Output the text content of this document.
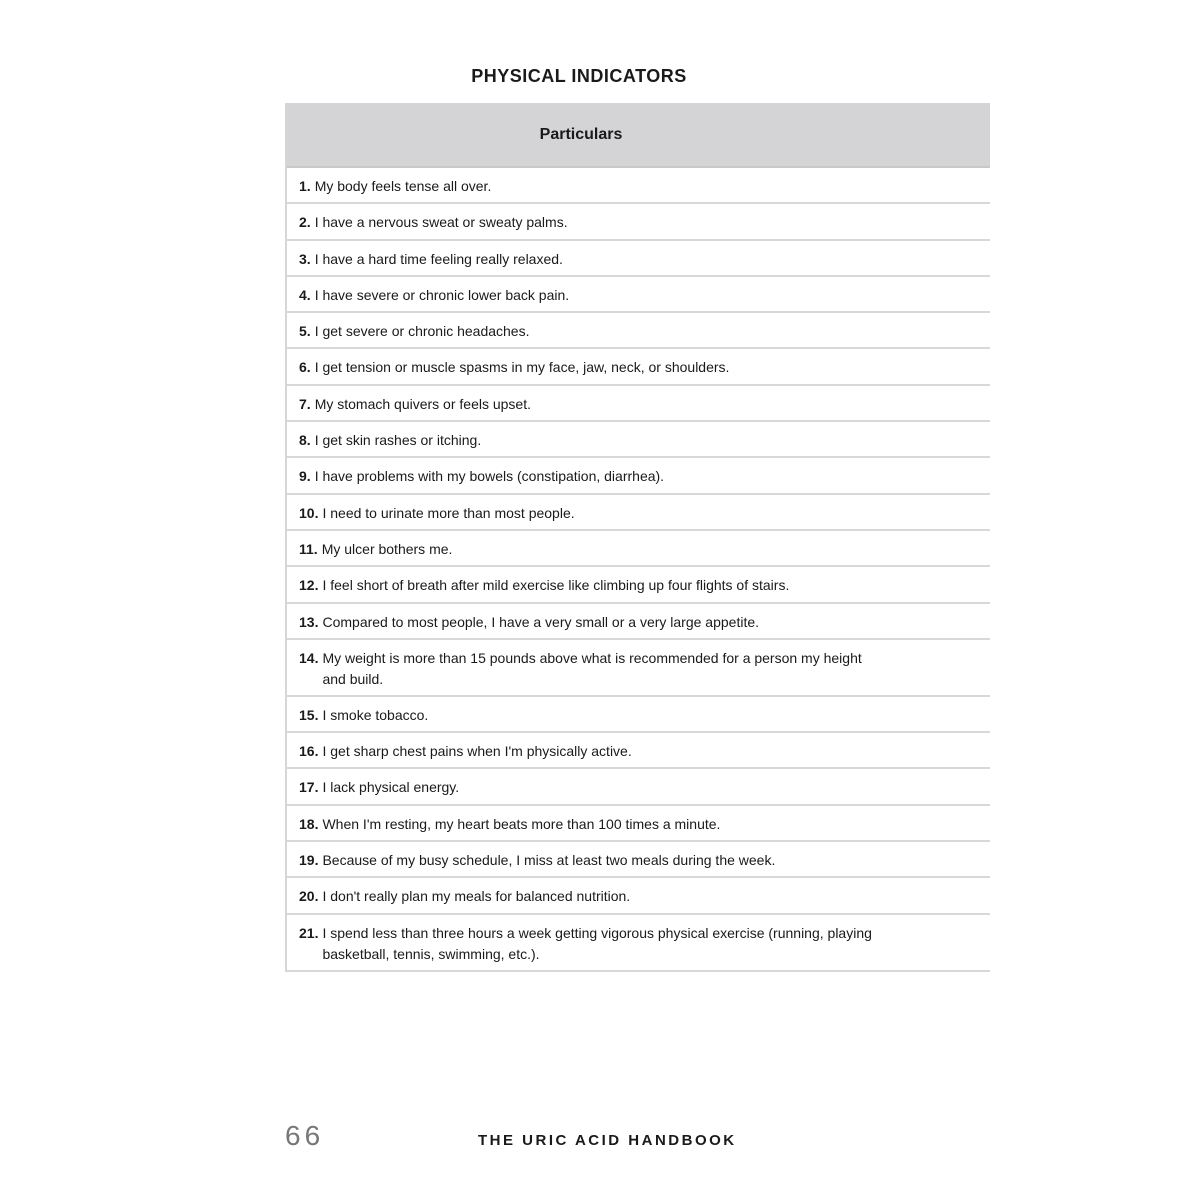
PHYSICAL INDICATORS
Particulars
1. My body feels tense all over.
2. I have a nervous sweat or sweaty palms.
3. I have a hard time feeling really relaxed.
4. I have severe or chronic lower back pain.
5. I get severe or chronic headaches.
6. I get tension or muscle spasms in my face, jaw, neck, or shoulders.
7. My stomach quivers or feels upset.
8. I get skin rashes or itching.
9. I have problems with my bowels (constipation, diarrhea).
10. I need to urinate more than most people.
11. My ulcer bothers me.
12. I feel short of breath after mild exercise like climbing up four flights of stairs.
13. Compared to most people, I have a very small or a very large appetite.
14. My weight is more than 15 pounds above what is recommended for a person my height and build.
15. I smoke tobacco.
16. I get sharp chest pains when I'm physically active.
17. I lack physical energy.
18. When I'm resting, my heart beats more than 100 times a minute.
19. Because of my busy schedule, I miss at least two meals during the week.
20. I don't really plan my meals for balanced nutrition.
21. I spend less than three hours a week getting vigorous physical exercise (running, playing basketball, tennis, swimming, etc.).
66	THE URIC ACID HANDBOOK
